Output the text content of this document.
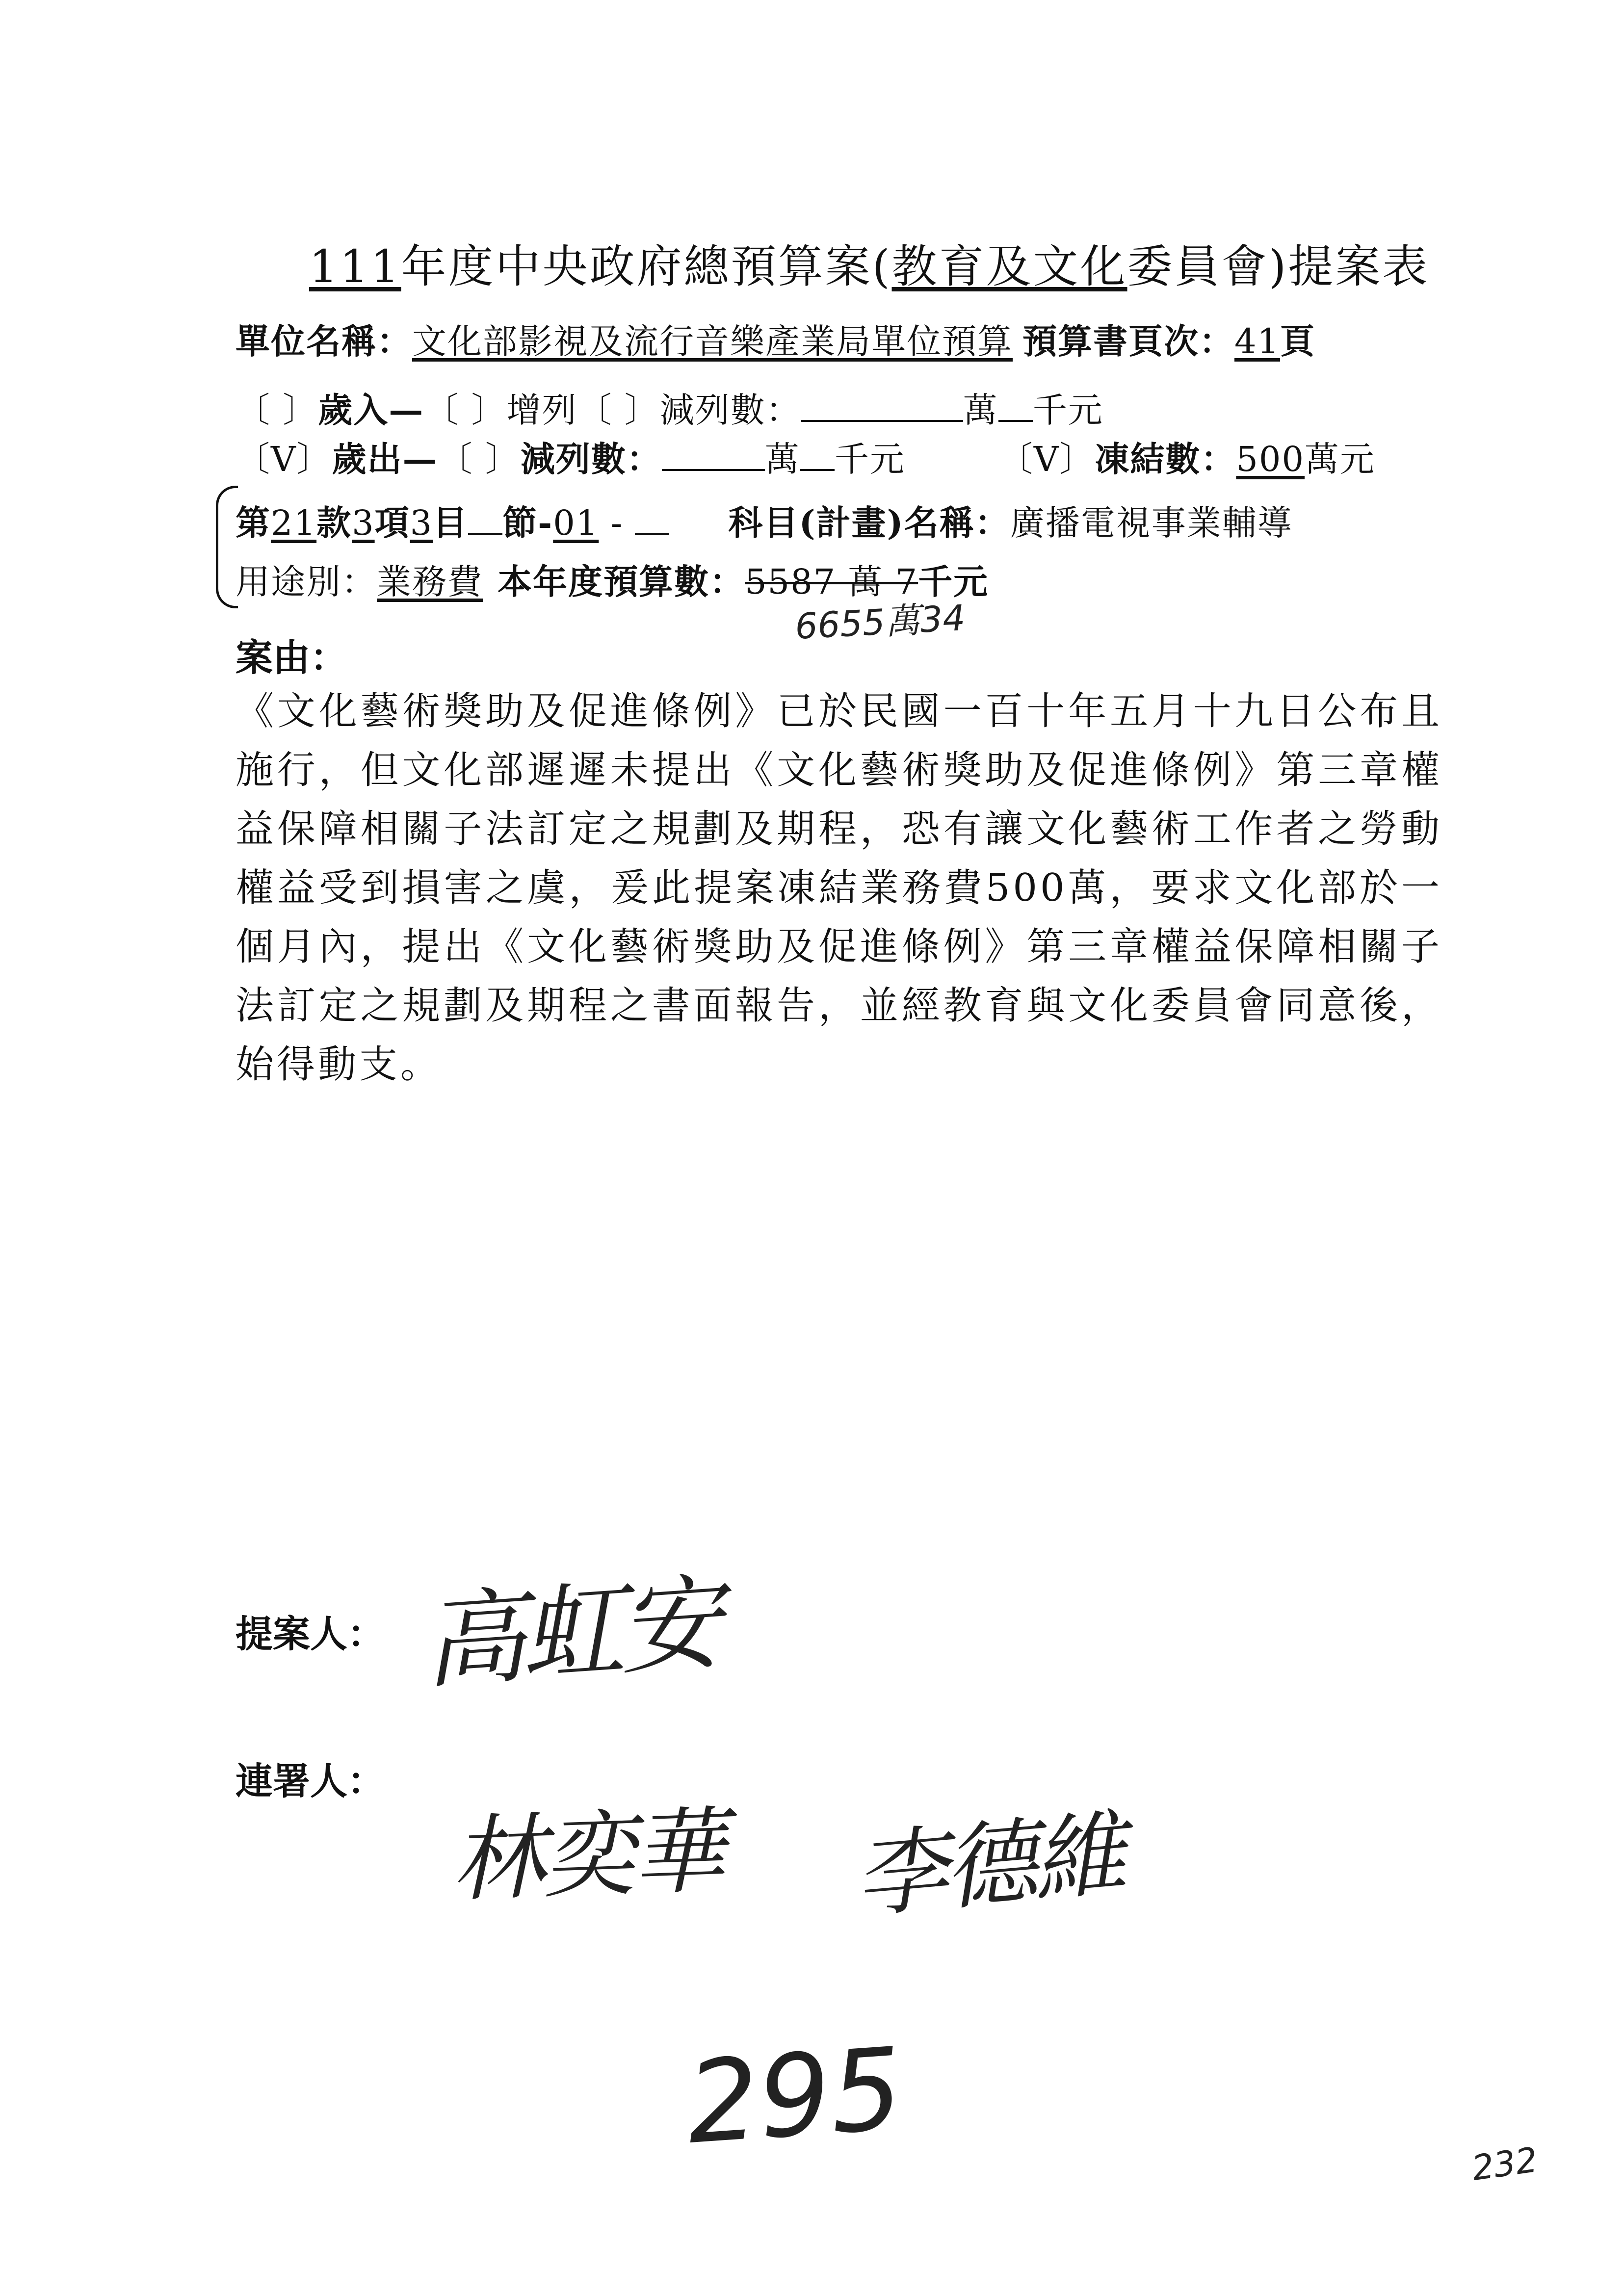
111年度中央政府總預算案(教育及文化委員會)提案表
單位名稱：文化部影視及流行音樂產業局單位預算 預算書頁次：41頁
〔 〕歲入—〔 〕增列〔 〕減列數：	萬 千元
〔V〕歲出—〔 〕減列數：	萬 千元	〔V〕凍結數：500萬元
第21款3項3目 節-01 -	科目(計畫)名稱：廣播電視事業輔導
用途別：業務費 本年度預算數：5587 萬 7千元
6655萬34
案由：
《文化藝術獎助及促進條例》已於民國一百十年五月十九日公布且施行，但文化部遲遲未提出《文化藝術獎助及促進條例》第三章權益保障相關子法訂定之規劃及期程，恐有讓文化藝術工作者之勞動權益受到損害之虞，爰此提案凍結業務費500萬，要求文化部於一個月內，提出《文化藝術獎助及促進條例》第三章權益保障相關子法訂定之規劃及期程之書面報告，並經教育與文化委員會同意後，始得動支。
提案人： 高虹安
連署人：
林奕華 李德維
295	232
